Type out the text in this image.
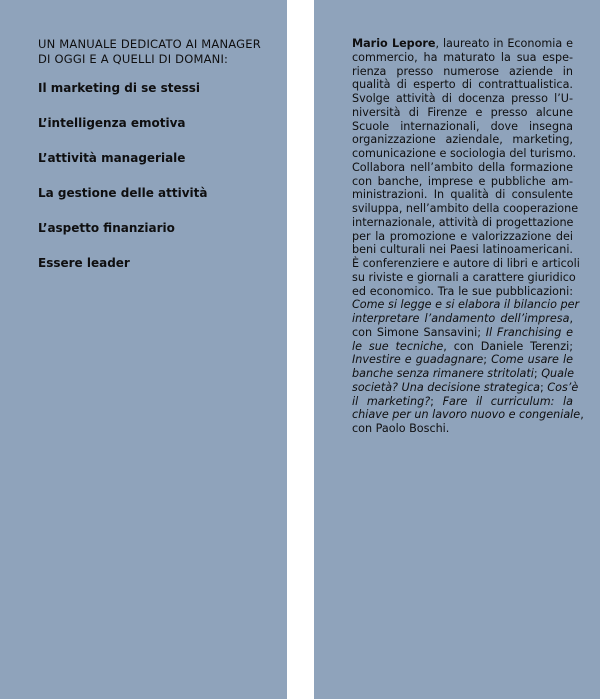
UN MANUALE DEDICATO AI MANAGER
DI OGGI E A QUELLI DI DOMANI:

Il marketing di se stessi
L’intelligenza emotiva
L’attività manageriale
La gestione delle attività
L’aspetto finanziario
Essere leader
Mario Lepore, laureato in Economia e
commercio, ha maturato la sua espe-
rienza presso numerose aziende in
qualità di esperto di contrattualistica.
Svolge attività di docenza presso l’U-
niversità di Firenze e presso alcune
Scuole internazionali, dove insegna
organizzazione aziendale, marketing,
comunicazione e sociologia del turismo.
Collabora nell’ambito della formazione
con banche, imprese e pubbliche am-
ministrazioni. In qualità di consulente
sviluppa, nell’ambito della cooperazione
internazionale, attività di progettazione
per la promozione e valorizzazione dei
beni culturali nei Paesi latinoamericani.
È conferenziere e autore di libri e articoli
su riviste e giornali a carattere giuridico
ed economico. Tra le sue pubblicazioni:
Come si legge e si elabora il bilancio per
interpretare l’andamento dell’impresa,
con Simone Sansavini; Il Franchising e
le sue tecniche, con Daniele Terenzi;
Investire e guadagnare; Come usare le
banche senza rimanere stritolati; Quale
società? Una decisione strategica; Cos’è
il marketing?; Fare il curriculum: la
chiave per un lavoro nuovo e congeniale,
con Paolo Boschi.
